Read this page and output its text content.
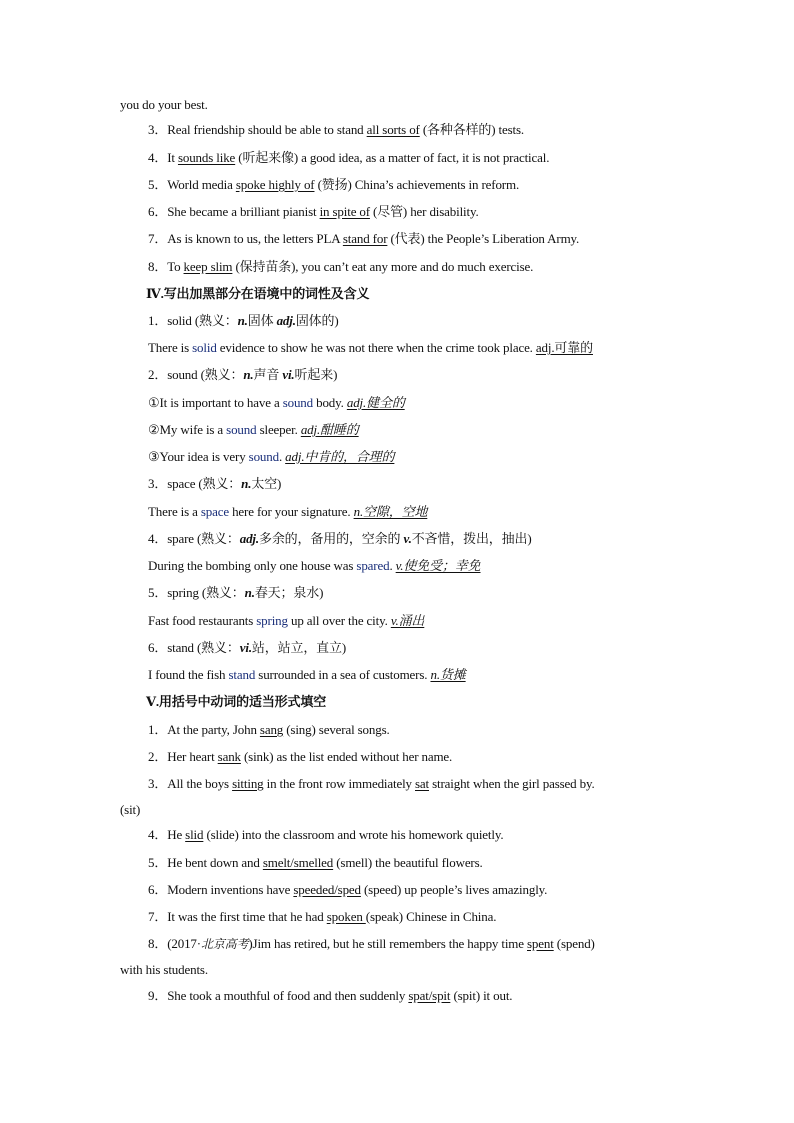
you do your best.
3．Real friendship should be able to stand all sorts of (各种各样的) tests.
4．It sounds like (听起来像) a good idea, as a matter of fact, it is not practical.
5．World media spoke highly of (赞扬) China’s achievements in reform.
6．She became a brilliant pianist in spite of (尽管) her disability.
7．As is known to us, the letters PLA stand for (代表) the People’s Liberation Army.
8．To keep slim (保持苗条), you can’t eat any more and do much exercise.
Ⅳ.写出加黑部分在语境中的词性及含义
1．solid (熟义：n.固体 adj.固体的)
There is solid evidence to show he was not there when the crime took place. adj.可靠的
2．sound (熟义：n.声音 vi.听起来)
①It is important to have a sound body. adj.健全的
②My wife is a sound sleeper. adj.酣睡的
③Your idea is very sound. adj.中肯的，合理的
3．space (熟义：n.太空)
There is a space here for your signature. n.空隙，空地
4．spare (熟义：adj.多余的，备用的，空余的 v.不吝惜，拨出，抽出)
During the bombing only one house was spared. v.使免受；幸免
5．spring (熟义：n.春天；泉水)
Fast food restaurants spring up all over the city. v.涌出
6．stand (熟义：vi.站，站立，直立)
I found the fish stand surrounded in a sea of customers. n.货摊
Ⅴ.用括号中动词的适当形式填空
1．At the party, John sang (sing) several songs.
2．Her heart sank (sink) as the list ended without her name.
3．All the boys sitting in the front row immediately sat straight when the girl passed by.
(sit)
4．He slid (slide) into the classroom and wrote his homework quietly.
5．He bent down and smelt/smelled (smell) the beautiful flowers.
6．Modern inventions have speeded/sped (speed) up people’s lives amazingly.
7．It was the first time that he had spoken (speak) Chinese in China.
8．(2017·北京高考)Jim has retired, but he still remembers the happy time spent (spend)
with his students.
9．She took a mouthful of food and then suddenly spat/spit (spit) it out.
